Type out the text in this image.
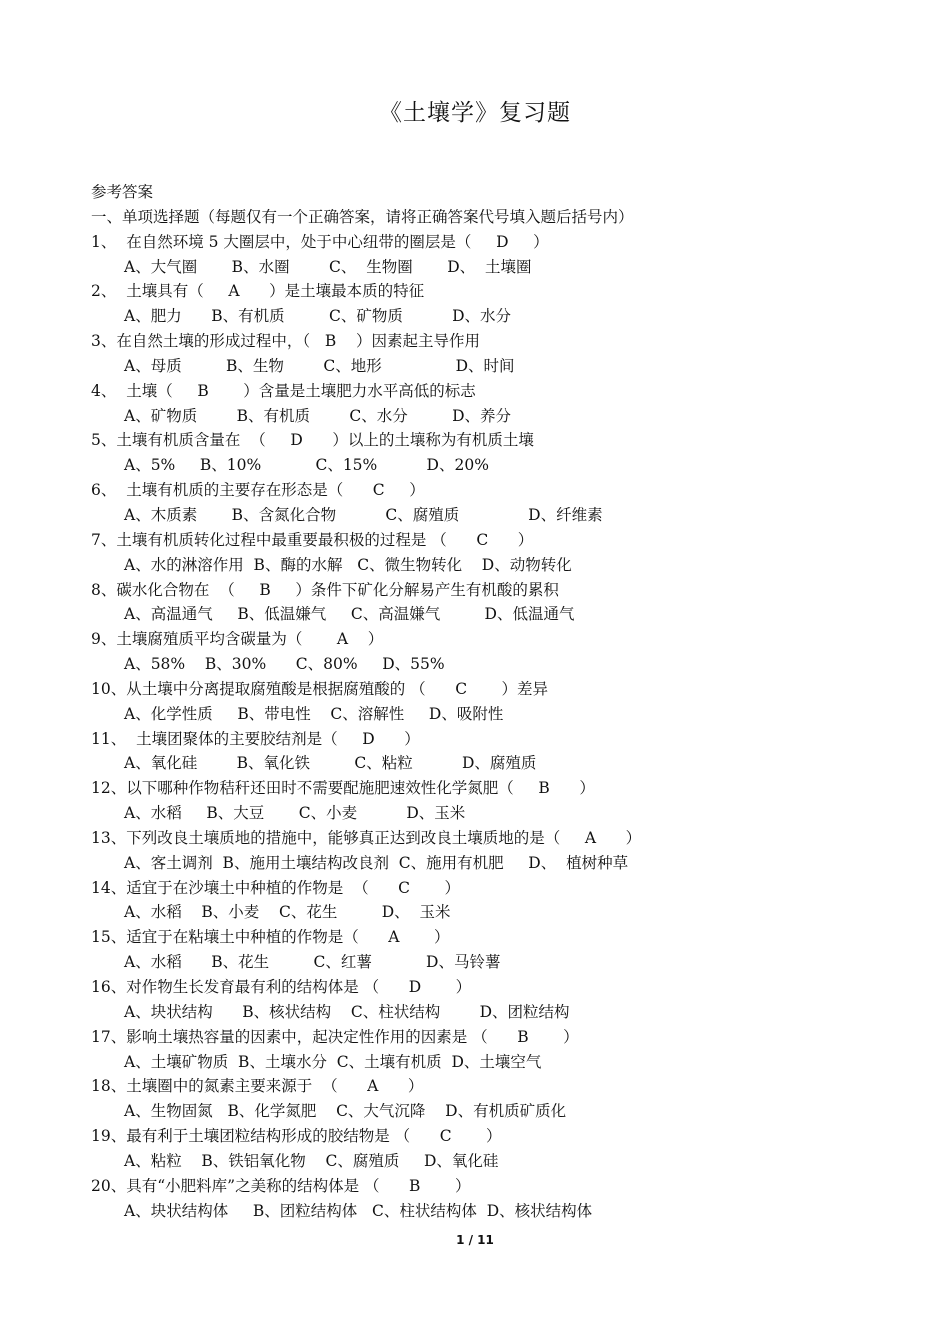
《土壤学》复习题
参考答案
一、单项选择题（每题仅有一个正确答案，请将正确答案代号填入题后括号内）
1、  在自然环境 5 大圈层中，处于中心纽带的圈层是（     D     ）
A、大气圈       B、水圈        C、  生物圈       D、  土壤圈
2、  土壤具有（     A      ）是土壤最本质的特征
A、肥力      B、有机质         C、矿物质          D、水分
3、在自然土壤的形成过程中，（   B    ）因素起主导作用
A、母质         B、生物        C、地形               D、时间
4、  土壤（     B       ）含量是土壤肥力水平高低的标志
A、矿物质        B、有机质        C、水分         D、养分
5、土壤有机质含量在  （     D      ）以上的土壤称为有机质土壤
A、5%     B、10%           C、15%          D、20%
6、  土壤有机质的主要存在形态是（      C     ）
A、木质素       B、含氮化合物          C、腐殖质              D、纤维素
7、土壤有机质转化过程中最重要最积极的过程是 （      C      ）
A、水的淋溶作用  B、酶的水解   C、微生物转化    D、动物转化
8、碳水化合物在  （     B     ）条件下矿化分解易产生有机酸的累积
A、高温通气     B、低温嫌气     C、高温嫌气         D、低温通气
9、土壤腐殖质平均含碳量为（       A    ）
A、58%    B、30%      C、80%     D、55%
10、从土壤中分离提取腐殖酸是根据腐殖酸的 （      C       ）差异
A、化学性质     B、带电性    C、溶解性     D、吸附性
11、  土壤团聚体的主要胶结剂是（     D      ）
A、氧化硅        B、氧化铁         C、粘粒          D、腐殖质
12、以下哪种作物秸秆还田时不需要配施肥速效性化学氮肥（     B      ）
A、水稻     B、大豆       C、小麦          D、玉米
13、下列改良土壤质地的措施中，能够真正达到改良土壤质地的是（     A      ）
A、客土调剂  B、施用土壤结构改良剂  C、施用有机肥     D、  植树种草
14、适宜于在沙壤土中种植的作物是  （      C       ）
A、水稻    B、小麦    C、花生         D、  玉米
15、适宜于在粘壤土中种植的作物是（      A       ）
A、水稻      B、花生         C、红薯           D、马铃薯
16、对作物生长发育最有利的结构体是 （      D       ）
A、块状结构      B、核状结构    C、柱状结构        D、团粒结构
17、影响土壤热容量的因素中，起决定性作用的因素是 （      B       ）
A、土壤矿物质  B、土壤水分  C、土壤有机质  D、土壤空气
18、土壤圈中的氮素主要来源于  （      A      ）
A、生物固氮   B、化学氮肥    C、大气沉降    D、有机质矿质化
19、最有利于土壤团粒结构形成的胶结物是 （      C       ）
A、粘粒    B、铁铝氧化物    C、腐殖质     D、氧化硅
20、具有“小肥料库”之美称的结构体是 （      B       ）
A、块状结构体     B、团粒结构体   C、柱状结构体  D、核状结构体
1 / 11
